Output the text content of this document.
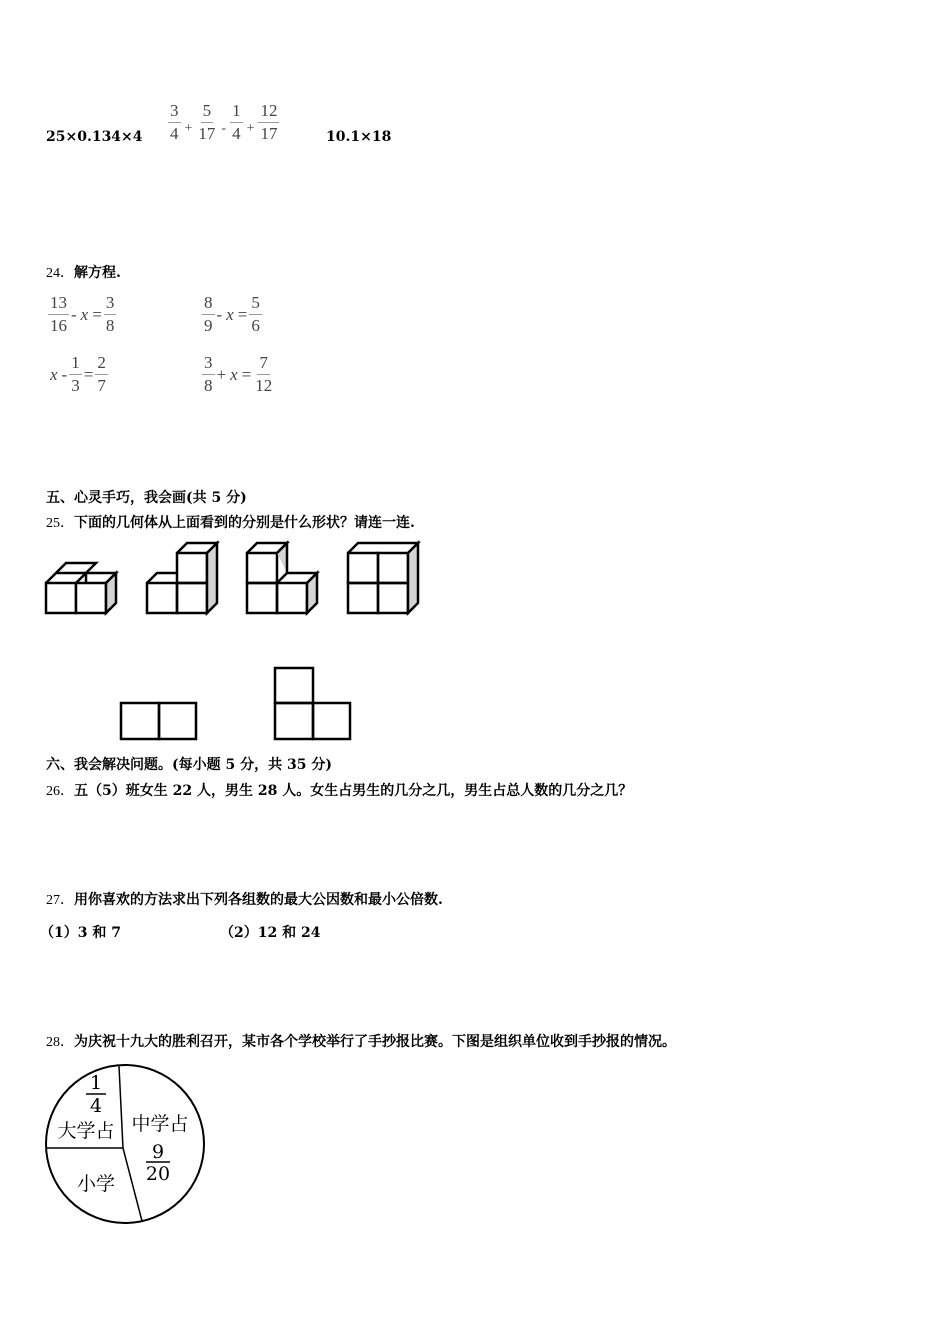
$25\times 0.134\times 4 \frac{3}{4} + \frac{5}{17} - \frac{1}{4} + \frac{12}{17}$	10.1×18
24．解方程.
$\frac{13}{16} - x = \frac{3}{8}$	$\frac{8}{9} - x = \frac{5}{6}$
$x - \frac{1}{3} = \frac{2}{7}$	$\frac{3}{8} + x = \frac{7}{12}$
五、心灵手巧，我会画(共 5 分)
25．下面的几何体从上面看到的分别是什么形状？请连一连.
六、我会解决问题。(每小题 5 分，共 35 分)
26．五（5）班女生 22 人，男生 28 人。女生占男生的几分之几，男生占总人数的几分之几？
27．用你喜欢的方法求出下列各组数的最大公因数和最小公倍数.
（1）3 和 7	（2）12 和 24
28．为庆祝十九大的胜利召开，某市各个学校举行了手抄报比赛。下图是组织单位收到手抄报的情况。
1
4
大学占 中学占
9
20
小学
